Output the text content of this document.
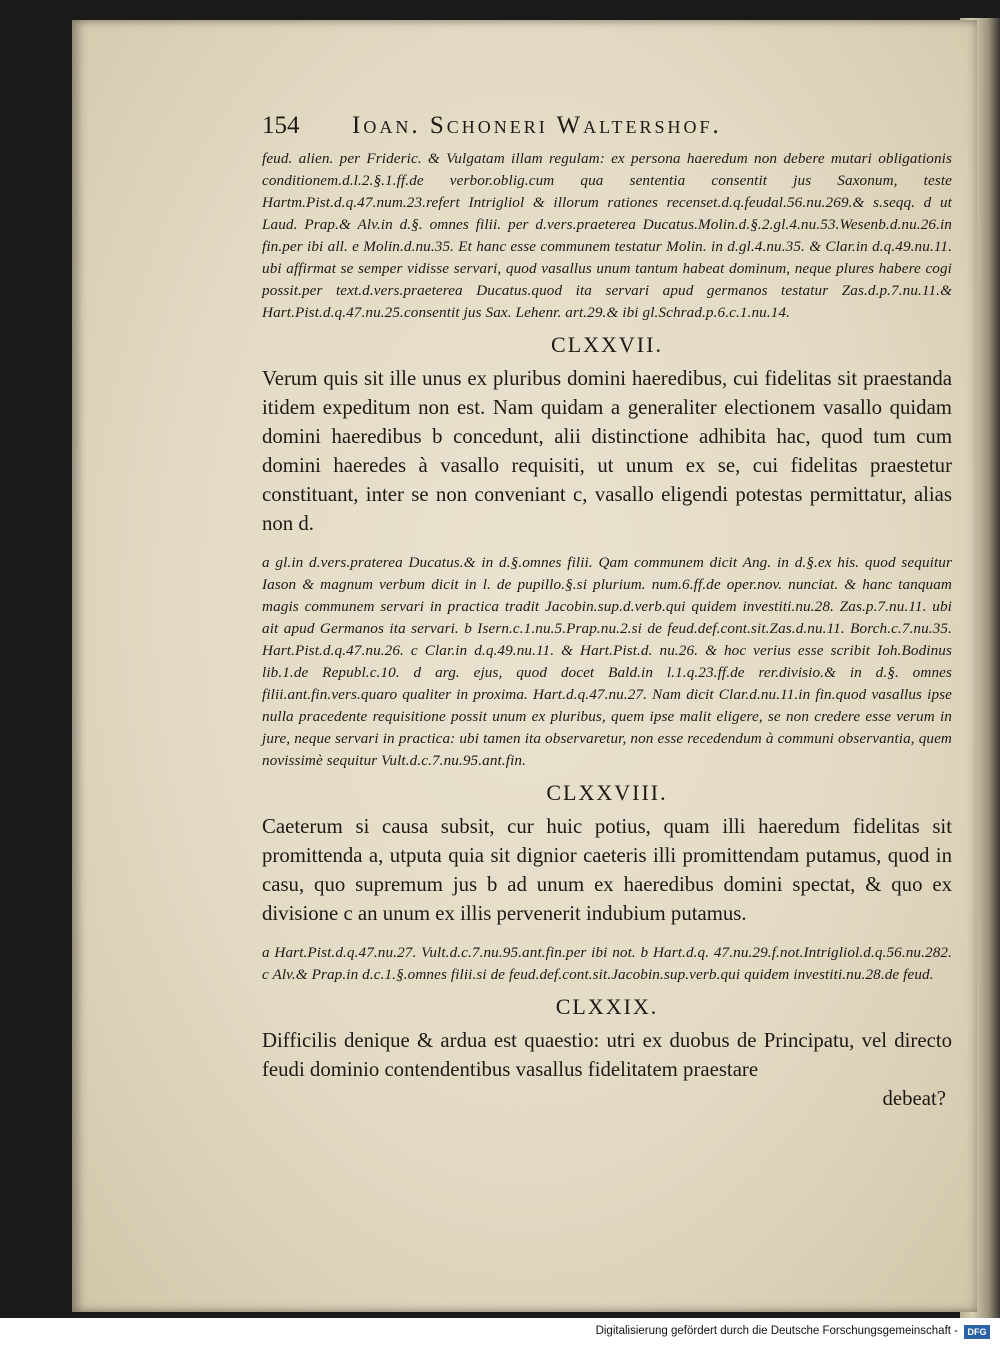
154	Ioan. Schoneri Waltershof.
feud. alien. per Frideric. & Vulgatam illam regulam: ex persona haeredum non debere mutari obligationis conditionem.d.l.2.§.1.ff.de verbor.oblig.cum qua sententia consentit jus Saxonum, teste Hartm.Pist.d.q.47.num.23.refert Intrigliol & illorum rationes recenset.d.q.feudal.56.nu.269.& s.seqq. d ut Laud. Prap.& Alv.in d.§. omnes filii. per d.vers.praeterea Ducatus.Molin.d.§.2.gl.4.nu.53.Wesenb.d.nu.26.in fin.per ibi all. e Molin.d.nu.35. Et hanc esse communem testatur Molin. in d.gl.4.nu.35. & Clar.in d.q.49.nu.11. ubi affirmat se semper vidisse servari, quod vasallus unum tantum habeat dominum, neque plures habere cogi possit.per text.d.vers.praeterea Ducatus.quod ita servari apud germanos testatur Zas.d.p.7.nu.11.& Hart.Pist.d.q.47.nu.25.consentit jus Sax. Lehenr. art.29.& ibi gl.Schrad.p.6.c.1.nu.14.
CLXXVII.
Verum quis sit ille unus ex pluribus domini haeredibus, cui fidelitas sit praestanda itidem expeditum non est. Nam quidam a generaliter electionem vasallo quidam domini haeredibus b concedunt, alii distinctione adhibita hac, quod tum cum domini haeredes à vasallo requisiti, ut unum ex se, cui fidelitas praestetur constituant, inter se non conveniant c, vasallo eligendi potestas permittatur, alias non d.
a gl.in d.vers.praterea Ducatus.& in d.§.omnes filii. Qam communem dicit Ang. in d.§.ex his. quod sequitur Iason & magnum verbum dicit in l. de pupillo.§.si plurium. num.6.ff.de oper.nov. nunciat. & hanc tanquam magis communem servari in practica tradit Jacobin.sup.d.verb.qui quidem investiti.nu.28. Zas.p.7.nu.11. ubi ait apud Germanos ita servari. b Isern.c.1.nu.5.Prap.nu.2.si de feud.def.cont.sit.Zas.d.nu.11. Borch.c.7.nu.35. Hart.Pist.d.q.47.nu.26. c Clar.in d.q.49.nu.11. & Hart.Pist.d. nu.26. & hoc verius esse scribit Ioh.Bodinus lib.1.de Republ.c.10. d arg. ejus, quod docet Bald.in l.1.q.23.ff.de rer.divisio.& in d.§. omnes filii.ant.fin.vers.quaro qualiter in proxima. Hart.d.q.47.nu.27. Nam dicit Clar.d.nu.11.in fin.quod vasallus ipse nulla pracedente requisitione possit unum ex pluribus, quem ipse malit eligere, se non credere esse verum in jure, neque servari in practica: ubi tamen ita observaretur, non esse recedendum à communi observantia, quem novissimè sequitur Vult.d.c.7.nu.95.ant.fin.
CLXXVIII.
Caeterum si causa subsit, cur huic potius, quam illi haeredum fidelitas sit promittenda a, utputa quia sit dignior caeteris illi promittendam putamus, quod in casu, quo supremum jus b ad unum ex haeredibus domini spectat, & quo ex divisione c an unum ex illis pervenerit indubium putamus.
a Hart.Pist.d.q.47.nu.27. Vult.d.c.7.nu.95.ant.fin.per ibi not. b Hart.d.q. 47.nu.29.f.not.Intrigliol.d.q.56.nu.282. c Alv.& Prap.in d.c.1.§.omnes filii.si de feud.def.cont.sit.Jacobin.sup.verb.qui quidem investiti.nu.28.de feud.
CLXXIX.
Difficilis denique & ardua est quaestio: utri ex duobus de Principatu, vel directo feudi dominio contendentibus vasallus fidelitatem praestare
debeat?
Digitalisierung gefördert durch die Deutsche Forschungsgemeinschaft -	DFG
